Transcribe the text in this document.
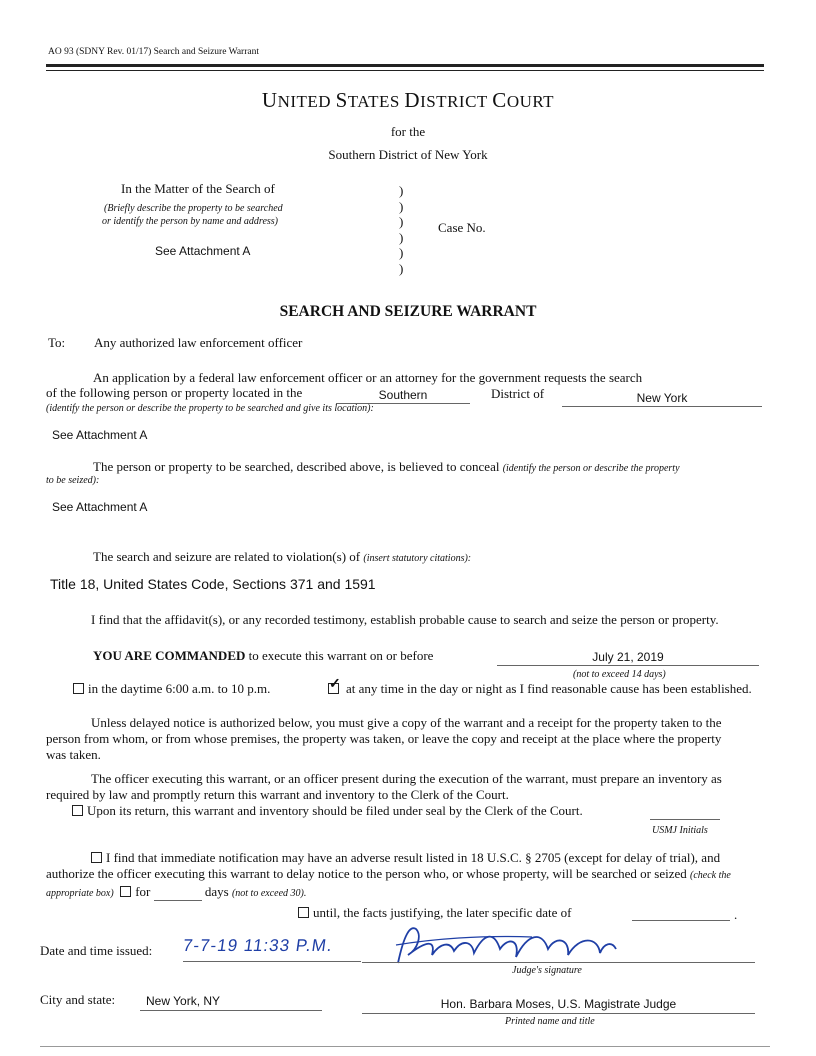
AO 93 (SDNY Rev. 01/17) Search and Seizure Warrant
UNITED STATES DISTRICT COURT
for the
Southern District of New York
In the Matter of the Search of
(Briefly describe the property to be searched
or identify the person by name and address)
See Attachment A
)
)
)
)
)
)
Case No.
SEARCH AND SEIZURE WARRANT
To: Any authorized law enforcement officer
An application by a federal law enforcement officer or an attorney for the government requests the search
of the following person or property located in the	Southern	District of	New York
(identify the person or describe the property to be searched and give its location):
See Attachment A
The person or property to be searched, described above, is believed to conceal (identify the person or describe the property
to be seized):
See Attachment A
The search and seizure are related to violation(s) of (insert statutory citations):
Title 18, United States Code, Sections 371 and 1591
I find that the affidavit(s), or any recorded testimony, establish probable cause to search and seize the person or property.
YOU ARE COMMANDED to execute this warrant on or before	July 21, 2019
(not to exceed 14 days)
in the daytime 6:00 a.m. to 10 p.m.	✓ at any time in the day or night as I find reasonable cause has been established.
Unless delayed notice is authorized below, you must give a copy of the warrant and a receipt for the property taken to the person from whom, or from whose premises, the property was taken, or leave the copy and receipt at the place where the property was taken.
The officer executing this warrant, or an officer present during the execution of the warrant, must prepare an inventory as required by law and promptly return this warrant and inventory to the Clerk of the Court.
Upon its return, this warrant and inventory should be filed under seal by the Clerk of the Court.
USMJ Initials
I find that immediate notification may have an adverse result listed in 18 U.S.C. § 2705 (except for delay of trial), and authorize the officer executing this warrant to delay notice to the person who, or whose property, will be searched or seized (check the appropriate box) for	days (not to exceed 30).
until, the facts justifying, the later specific date of	.
Date and time issued: 7-7-19 11:33 P.M.
Judge's signature
City and state:	New York, NY	Hon. Barbara Moses, U.S. Magistrate Judge
Printed name and title
